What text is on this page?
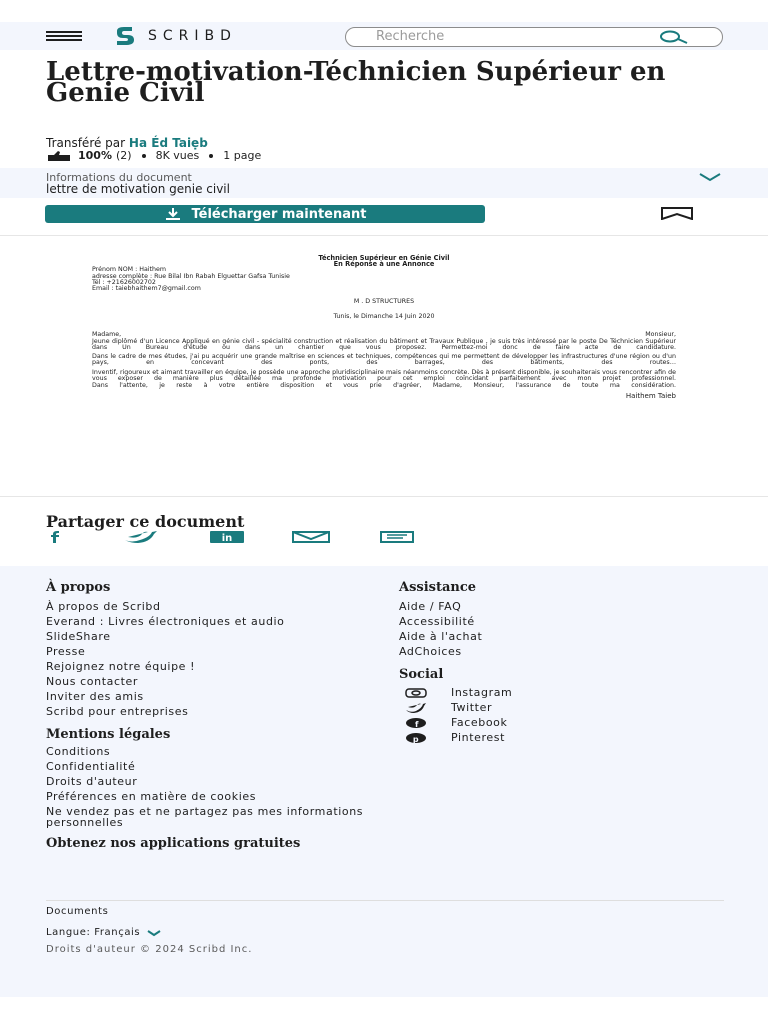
SCRIBD	Recherche
Lettre-motivation-Téchnicien Supérieur en Genie Civil
Transféré par Ha Éd Taiẹb
100% (2) 8K vues 1 page
Informations du document
lettre de motivation genie civil
Télécharger maintenant
Téchnicien Supérieur en Génie Civil
En Réponse à une Annonce
Prénom NOM : Haithem
adresse complète : Rue Bilal Ibn Rabah Elguettar Gafsa Tunisie
Tél : +21626002702
Email : taiebhaithem7@gmail.com
M . D STRUCTURES
Tunis, le Dimanche 14 Juin 2020
Madame,	Monsieur,

Jeune diplômé d'un Licence Appliqué en génie civil - spécialité construction et réalisation du bâtiment et Travaux Publique , je suis très intéressé par le poste De Téchnicien Supérieur dans Un Bureau d'étude ou dans un chantier que vous proposez. Permettez-moi donc de faire acte de candidature.

Dans le cadre de mes études, j'ai pu acquérir une grande maîtrise en sciences et techniques, compétences qui me permettent de développer les infrastructures d'une région ou d'un pays, en concevant des ponts, des barrages, des bâtiments, des routes…

Inventif, rigoureux et aimant travailler en équipe, je possède une approche pluridisciplinaire mais néanmoins concrète. Dès à présent disponible, je souhaiterais vous rencontrer afin de vous exposer de manière plus détaillée ma profonde motivation pour cet emploi coïncidant parfaitement avec mon projet professionnel.

Dans l'attente, je reste à votre entière disposition et vous prie d'agréer, Madame, Monsieur, l'assurance de toute ma considération.

Haithem Taieb
Partager ce document
in
À propos
À propos de Scribd
Everand : Livres électroniques et audio
SlideShare
Presse
Rejoignez notre équipe !
Nous contacter
Inviter des amis
Scribd pour entreprises
Mentions légales
Conditions
Confidentialité
Droits d'auteur
Préférences en matière de cookies
Ne vendez pas et ne partagez pas mes informations personnelles
Obtenez nos applications gratuites
Assistance
Aide / FAQ
Accessibilité
Aide à l'achat
AdChoices
Social
Instagram
Twitter
f	Facebook
p	Pinterest
Documents
Langue: Français
Droits d'auteur © 2024 Scribd Inc.
